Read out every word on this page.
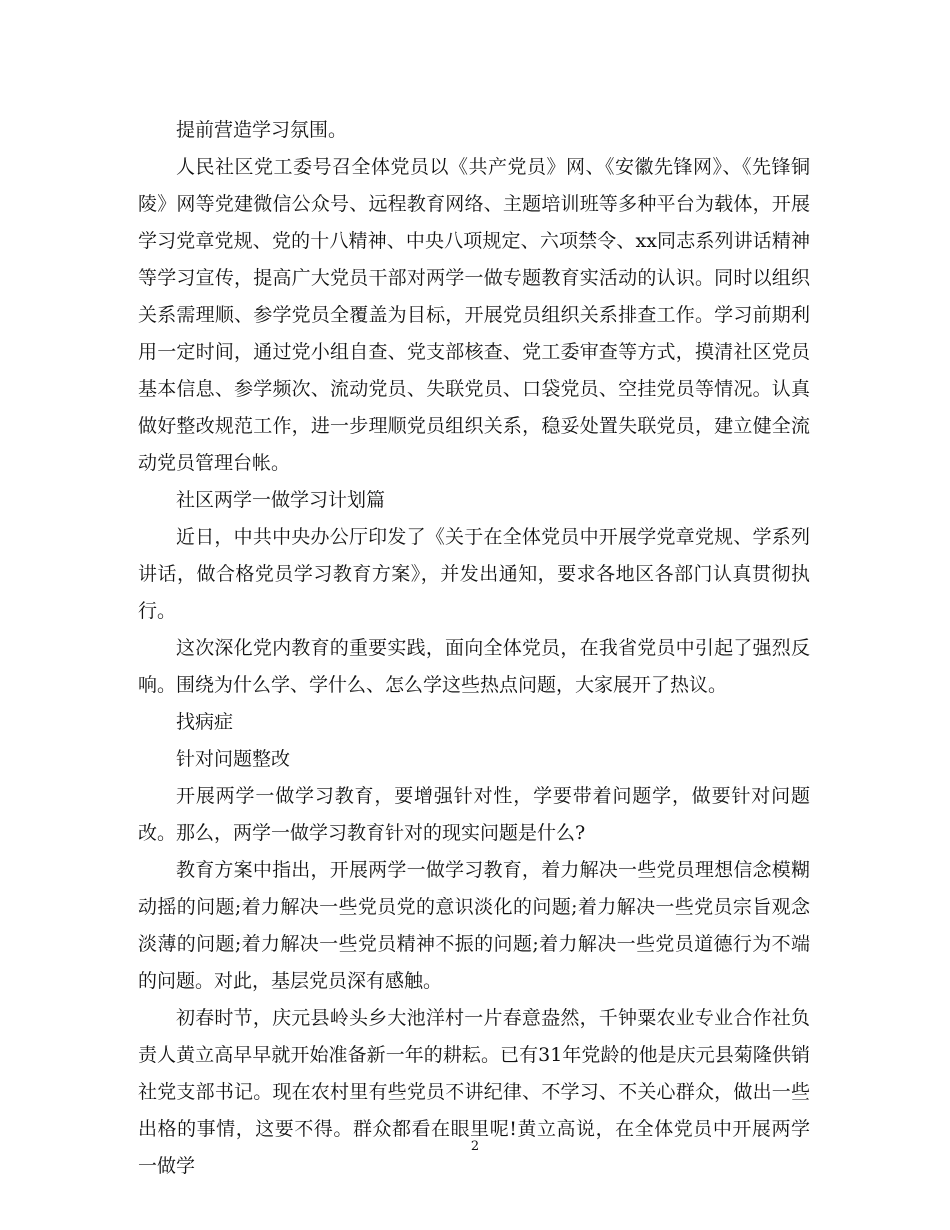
提前营造学习氛围。

人民社区党工委号召全体党员以《共产党员》网、《安徽先锋网》、《先锋铜陵》网等党建微信公众号、远程教育网络、主题培训班等多种平台为载体，开展学习党章党规、党的十八精神、中央八项规定、六项禁令、xx同志系列讲话精神等学习宣传，提高广大党员干部对两学一做专题教育实活动的认识。同时以组织关系需理顺、参学党员全覆盖为目标，开展党员组织关系排查工作。学习前期利用一定时间，通过党小组自查、党支部核查、党工委审查等方式，摸清社区党员基本信息、参学频次、流动党员、失联党员、口袋党员、空挂党员等情况。认真做好整改规范工作，进一步理顺党员组织关系，稳妥处置失联党员，建立健全流动党员管理台帐。

社区两学一做学习计划篇

近日，中共中央办公厅印发了《关于在全体党员中开展学党章党规、学系列讲话，做合格党员学习教育方案》，并发出通知，要求各地区各部门认真贯彻执行。

这次深化党内教育的重要实践，面向全体党员，在我省党员中引起了强烈反响。围绕为什么学、学什么、怎么学这些热点问题，大家展开了热议。

找病症

针对问题整改

开展两学一做学习教育，要增强针对性，学要带着问题学，做要针对问题改。那么，两学一做学习教育针对的现实问题是什么?

教育方案中指出，开展两学一做学习教育，着力解决一些党员理想信念模糊动摇的问题;着力解决一些党员党的意识淡化的问题;着力解决一些党员宗旨观念淡薄的问题;着力解决一些党员精神不振的问题;着力解决一些党员道德行为不端的问题。对此，基层党员深有感触。

初春时节，庆元县岭头乡大池洋村一片春意盎然，千钟粟农业专业合作社负责人黄立高早早就开始准备新一年的耕耘。已有31年党龄的他是庆元县菊隆供销社党支部书记。现在农村里有些党员不讲纪律、不学习、不关心群众，做出一些出格的事情，这要不得。群众都看在眼里呢!黄立高说，在全体党员中开展两学一做学

2
